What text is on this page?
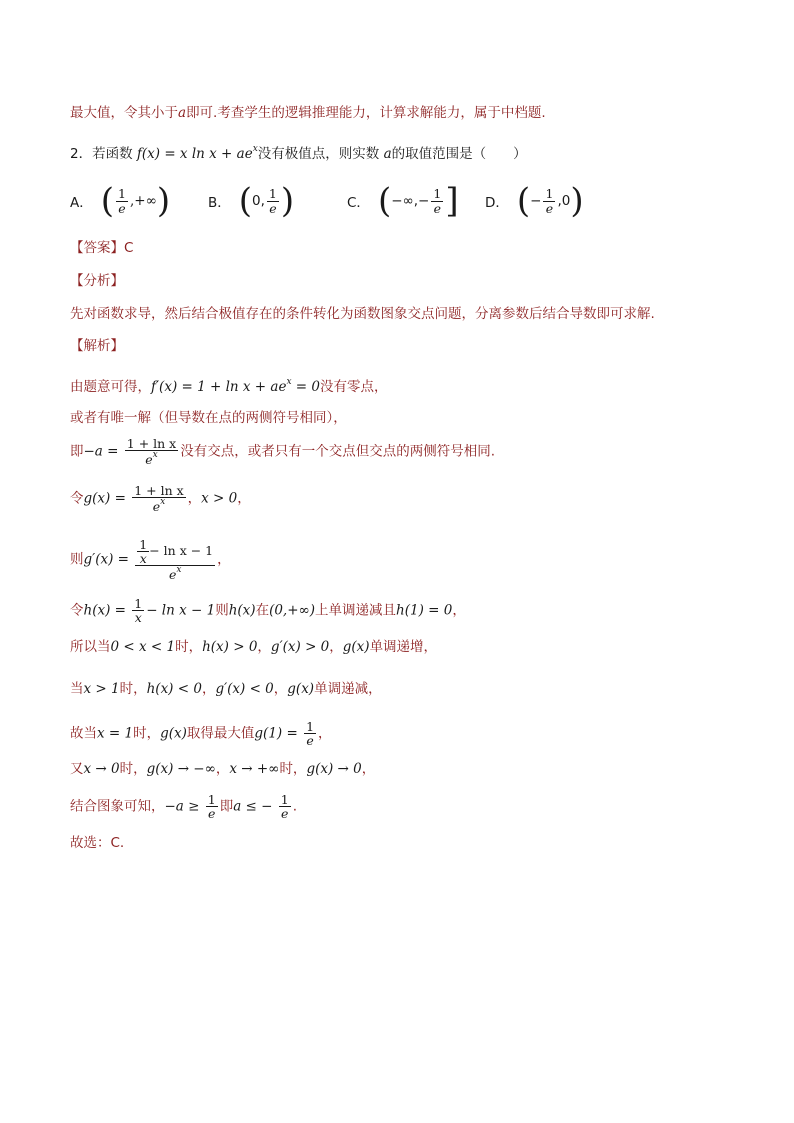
最大值，令其小于a即可.考查学生的逻辑推理能力，计算求解能力，属于中档题.
2．若函数 f(x) = x $\ln x + ae^x$没有极值点，则实数 a的取值范围是（　　）
A． ( $\frac{1}{e}$ ,+∞ )	B． ( 0, $\frac{1}{e}$ )	C． ( −∞,− $\frac{1}{e}$ ] D． ( − $\frac{1}{e} ,0$ )
【答案】C
【分析】
先对函数求导，然后结合极值存在的条件转化为函数图象交点问题，分离参数后结合导数即可求解.
【解析】
由题意可得，$f'(x) = 1 + \ln x + ae^x = 0$没有零点，
或者有唯一解（但导数在点的两侧符号相同），
即$-a = \frac{\text{1 + ln x}}{e^x}$ 没有交点，或者只有一个交点但交点的两侧符号相同.
令$g(x) = \frac{\text{1 + ln x}}{e^x}$ ，x > 0，
则$g'(x) = \frac{\frac{1}{x} - \ln x - 1}{e^x}$ ，
令$h(x) = \frac{1}{x} - \ln x - 1$则h(x)在(0,+∞)上单调递减且h(1) = 0，
所以当0 < x < 1时，h(x) > 0，g′(x) > 0，g(x)单调递增，
当x > 1时，h(x) < 0，g′(x) < 0，g(x)单调递减，
故当x = 1时，g(x)取得最大值$g(1) = \frac{1}{e}$ ，
又x → 0时，g(x) → −∞，x → +∞时，g(x) → 0，
结合图象可知，$-a \ge \frac{1}{e}$ 即a ≤ − $\frac{1}{e}$ .
故选：C.
